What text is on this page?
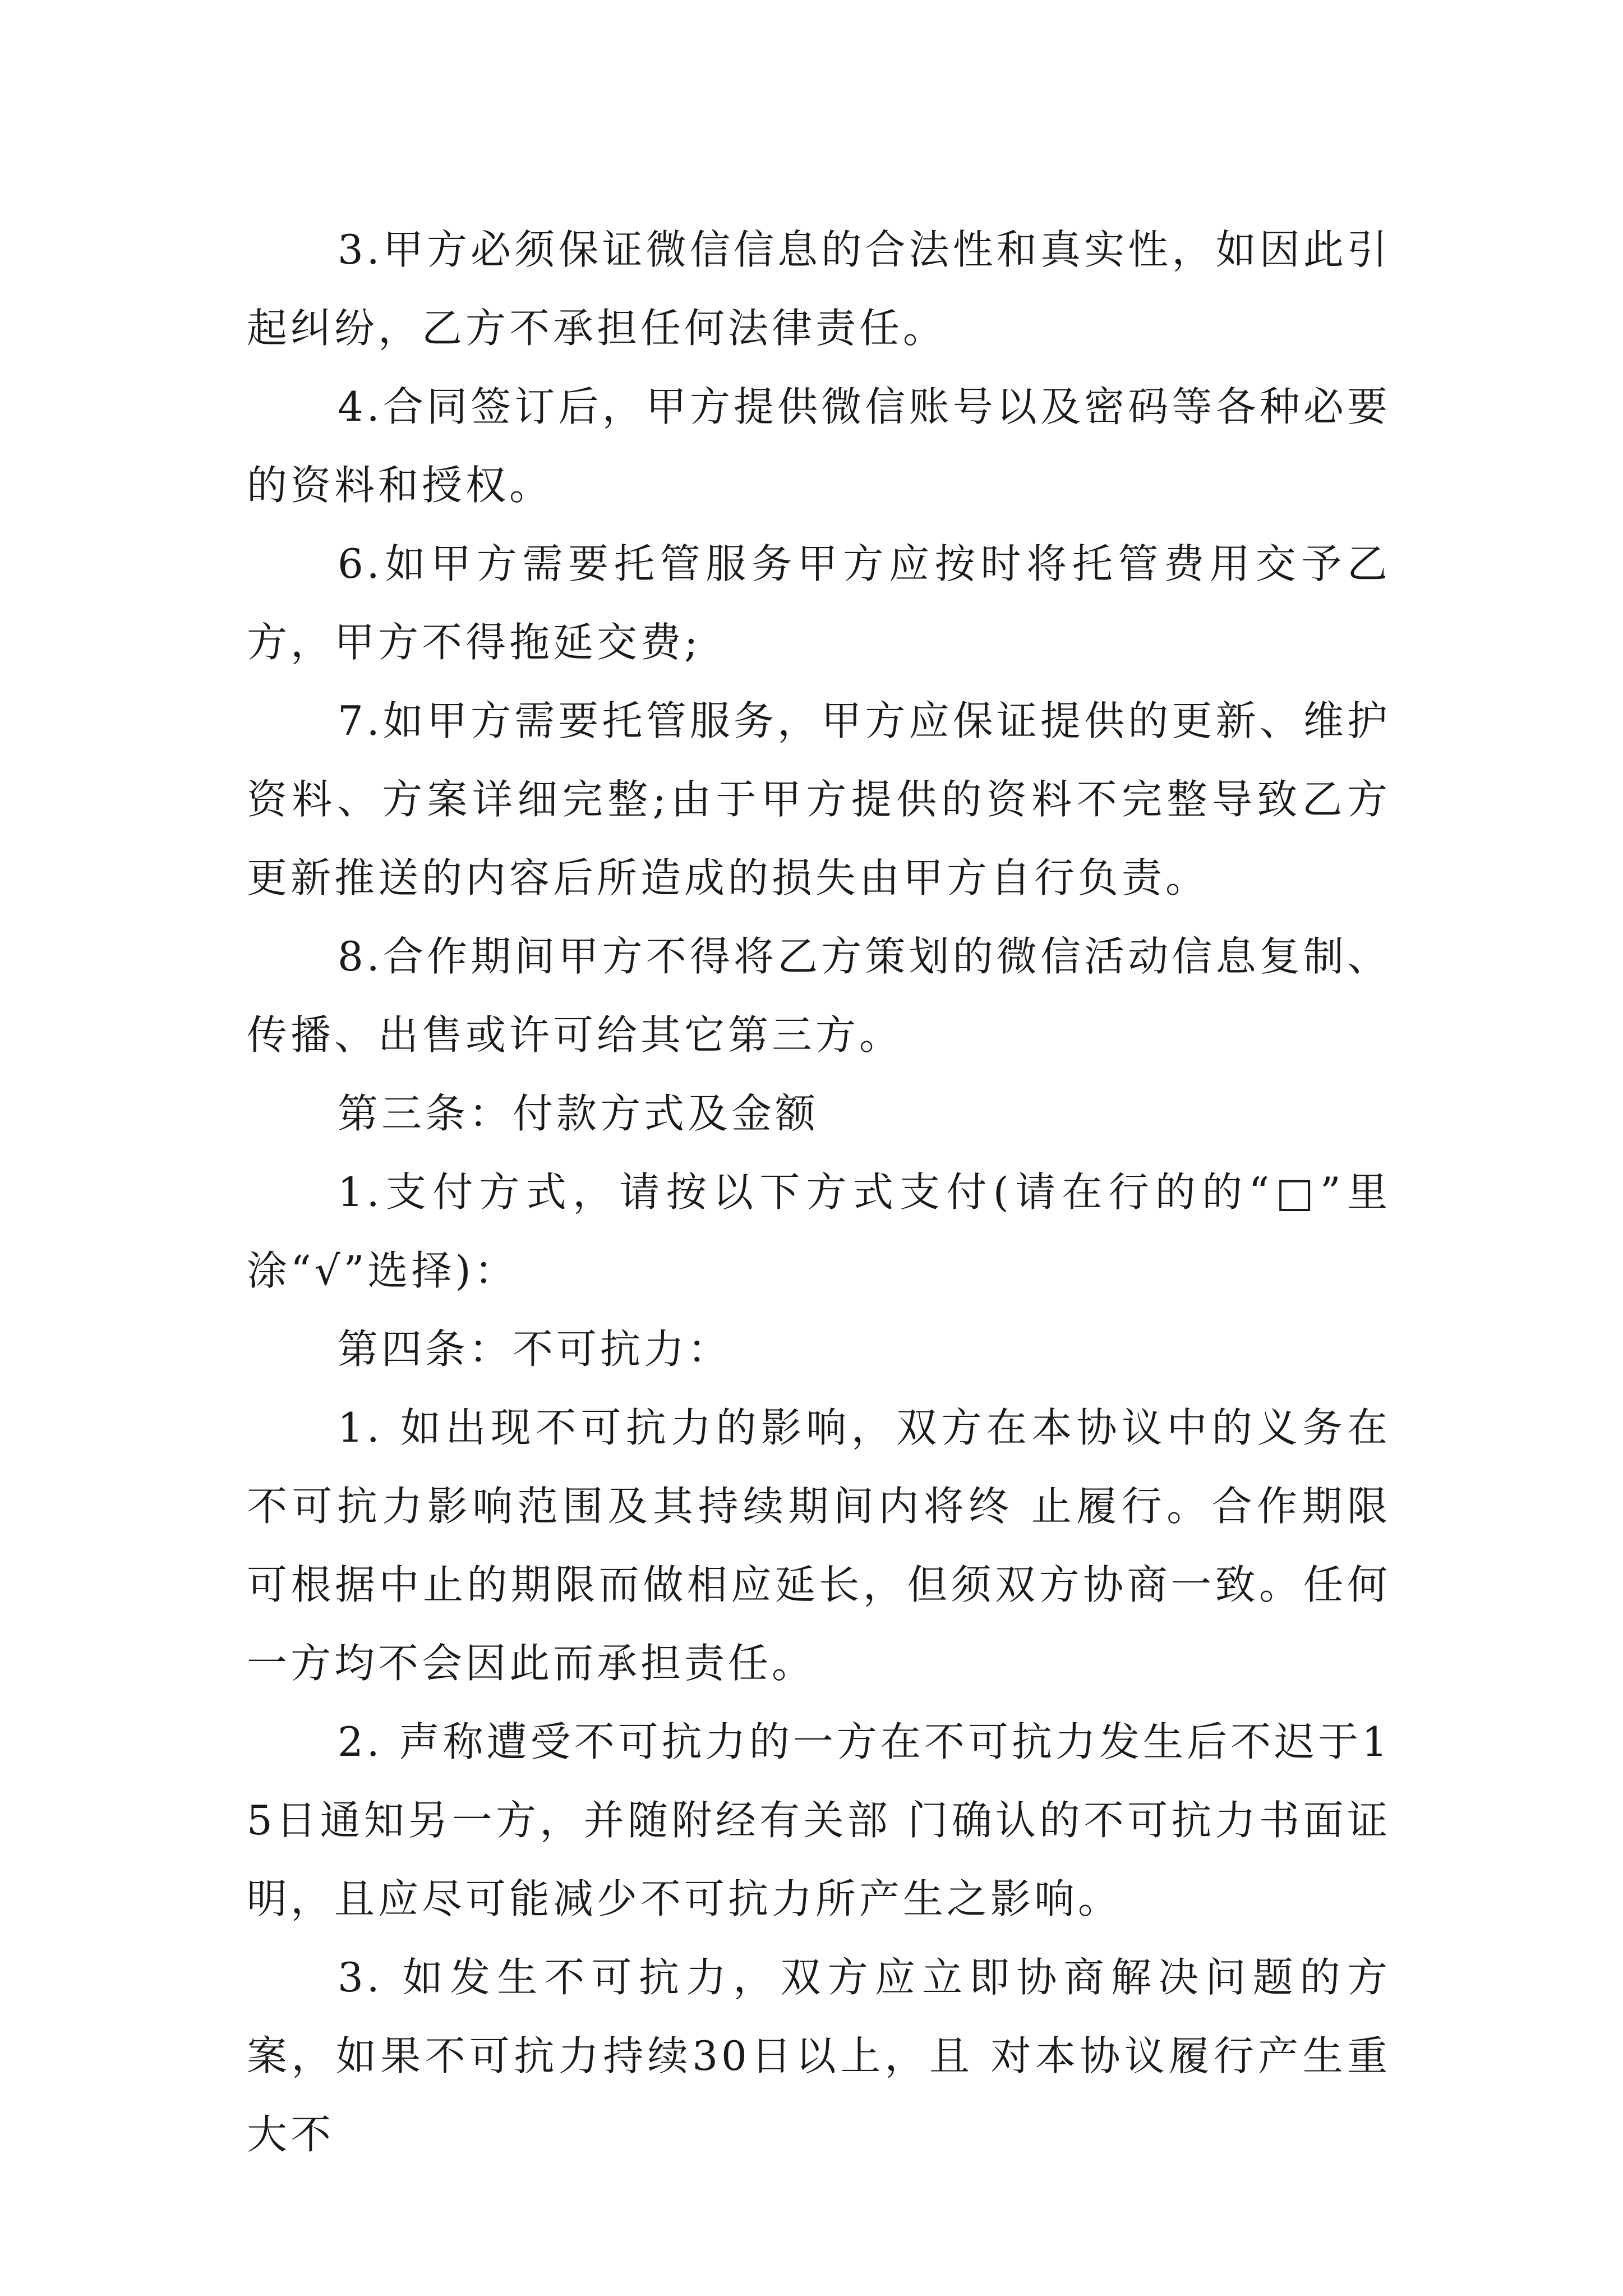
3.甲方必须保证微信信息的合法性和真实性，如因此引起纠纷，乙方不承担任何法律责任。

4.合同签订后，甲方提供微信账号以及密码等各种必要的资料和授权。

6.如甲方需要托管服务甲方应按时将托管费用交予乙方，甲方不得拖延交费;

7.如甲方需要托管服务，甲方应保证提供的更新、维护资料、方案详细完整;由于甲方提供的资料不完整导致乙方更新推送的内容后所造成的损失由甲方自行负责。

8.合作期间甲方不得将乙方策划的微信活动信息复制、传播、出售或许可给其它第三方。

第三条：付款方式及金额

1.支付方式，请按以下方式支付(请在行的的“□”里涂“√”选择)：

第四条：不可抗力：

1. 如出现不可抗力的影响，双方在本协议中的义务在不可抗力影响范围及其持续期间内将终 止履行。合作期限可根据中止的期限而做相应延长，但须双方协商一致。任何一方均不会因此而承担责任。

2. 声称遭受不可抗力的一方在不可抗力发生后不迟于15日通知另一方，并随附经有关部 门确认的不可抗力书面证明，且应尽可能减少不可抗力所产生之影响。

3. 如发生不可抗力，双方应立即协商解决问题的方案，如果不可抗力持续30日以上，且 对本协议履行产生重大不
